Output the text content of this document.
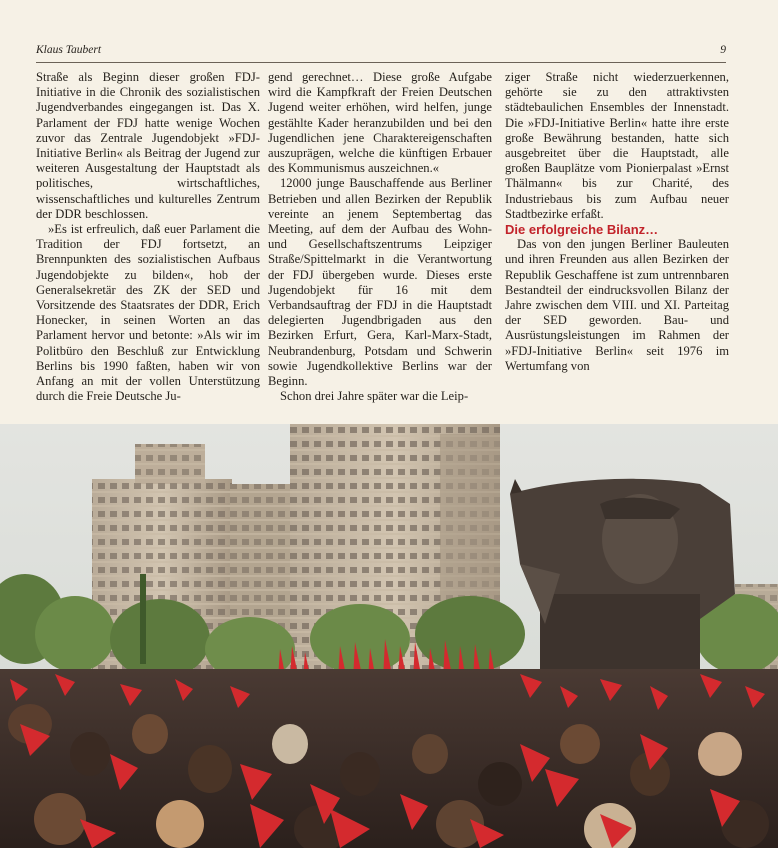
Klaus Taubert	9

Straße als Beginn dieser großen FDJ-Initiative in die Chronik des sozialistischen Jugendverbandes eingegangen ist. Das X. Parlament der FDJ hatte wenige Wochen zuvor das Zentrale Jugendobjekt »FDJ-Initiative Berlin« als Beitrag der Jugend zur weiteren Ausgestaltung der Hauptstadt als politisches, wirtschaftliches, wissenschaftliches und kulturelles Zentrum der DDR beschlossen.

»Es ist erfreulich, daß euer Parlament die Tradition der FDJ fortsetzt, an Brennpunkten des sozialistischen Aufbaus Jugendobjekte zu bilden«, hob der Generalsekretär des ZK der SED und Vorsitzende des Staatsrates der DDR, Erich Honecker, in seinen Worten an das Parlament hervor und betonte: »Als wir im Politbüro den Beschluß zur Entwicklung Berlins bis 1990 faßten, haben wir von Anfang an mit der vollen Unterstützung durch die Freie Deutsche Ju-

gend gerechnet… Diese große Aufgabe wird die Kampfkraft der Freien Deutschen Jugend weiter erhöhen, wird helfen, junge gestählte Kader heranzubilden und bei den Jugendlichen jene Charaktereigenschaften auszuprägen, welche die künftigen Erbauer des Kommunismus auszeichnen.«

12000 junge Bauschaffende aus Berliner Betrieben und allen Bezirken der Republik vereinte an jenem Septembertag das Meeting, auf dem der Aufbau des Wohn- und Gesellschaftszentrums Leipziger Straße/Spittelmarkt in die Verantwortung der FDJ übergeben wurde. Dieses erste Jugendobjekt für 16 mit dem Verbandsauftrag der FDJ in die Hauptstadt delegierten Jugendbrigaden aus den Bezirken Erfurt, Gera, Karl-Marx-Stadt, Neubrandenburg, Potsdam und Schwerin sowie Jugendkollektive Berlins war der Beginn.

Schon drei Jahre später war die Leip-

ziger Straße nicht wiederzuerkennen, gehörte sie zu den attraktivsten städtebaulichen Ensembles der Innenstadt. Die »FDJ-Initiative Berlin« hatte ihre erste große Bewährung bestanden, hatte sich ausgebreitet über die Hauptstadt, alle großen Bauplätze vom Pionierpalast »Ernst Thälmann« bis zur Charité, des Industriebaus bis zum Aufbau neuer Stadtbezirke erfaßt.

Die erfolgreiche Bilanz…

Das von den jungen Berliner Bauleuten und ihren Freunden aus allen Bezirken der Republik Geschaffene ist zum untrennbaren Bestandteil der eindrucksvollen Bilanz der Jahre zwischen dem VIII. und XI. Parteitag der SED geworden. Bau- und Ausrüstungsleistungen im Rahmen der »FDJ-Initiative Berlin« seit 1976 im Wertumfang von
